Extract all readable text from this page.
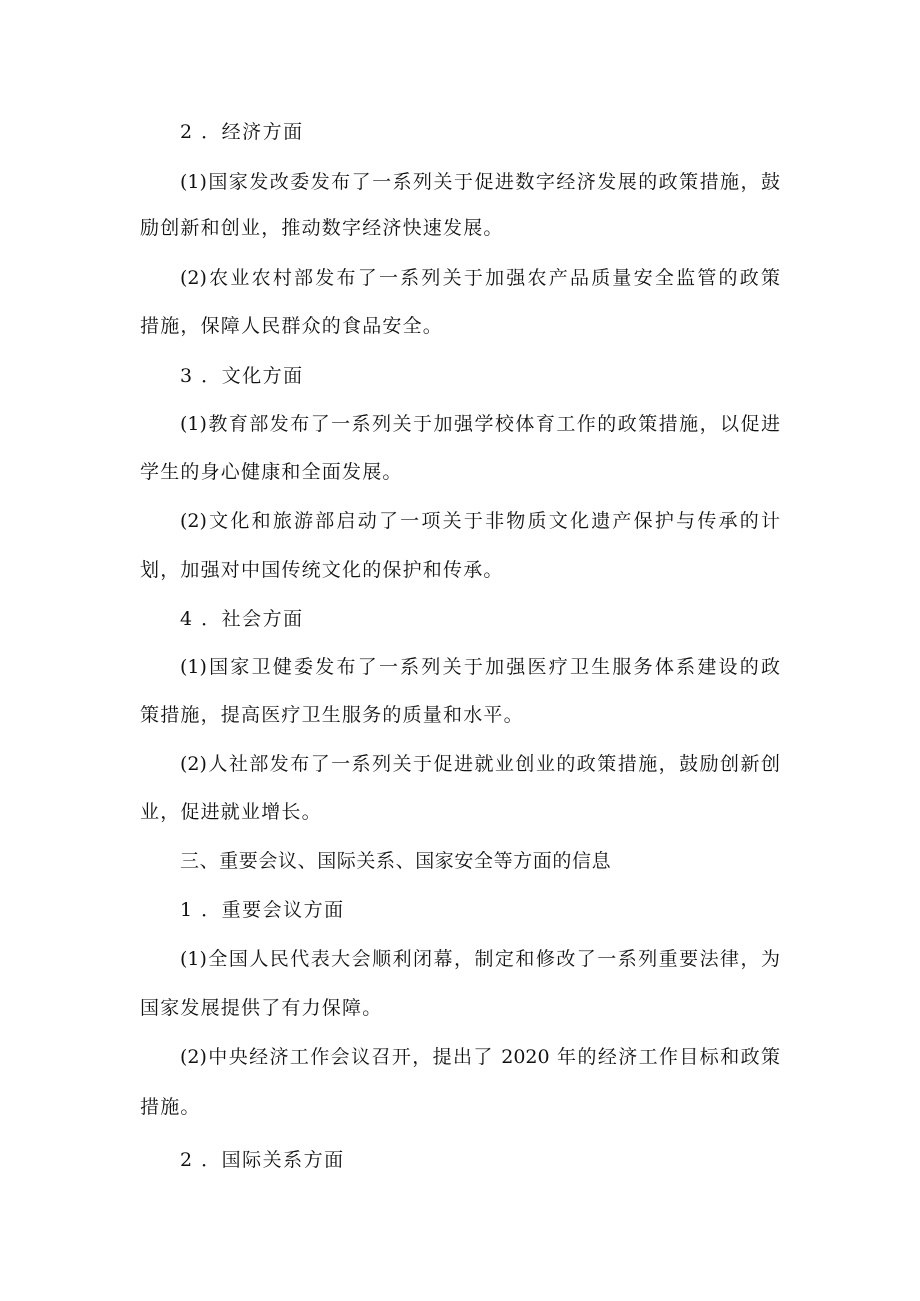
2 ．经济方面
(1)国家发改委发布了一系列关于促进数字经济发展的政策措施，鼓
励创新和创业，推动数字经济快速发展。
(2)农业农村部发布了一系列关于加强农产品质量安全监管的政策
措施，保障人民群众的食品安全。
3 ．文化方面
(1)教育部发布了一系列关于加强学校体育工作的政策措施，以促进
学生的身心健康和全面发展。
(2)文化和旅游部启动了一项关于非物质文化遗产保护与传承的计
划，加强对中国传统文化的保护和传承。
4 ．社会方面
(1)国家卫健委发布了一系列关于加强医疗卫生服务体系建设的政
策措施，提高医疗卫生服务的质量和水平。
(2)人社部发布了一系列关于促进就业创业的政策措施，鼓励创新创
业，促进就业增长。
三、重要会议、国际关系、国家安全等方面的信息
1 ．重要会议方面
(1)全国人民代表大会顺利闭幕，制定和修改了一系列重要法律，为
国家发展提供了有力保障。
(2)中央经济工作会议召开，提出了 2020 年的经济工作目标和政策
措施。
2 ．国际关系方面
